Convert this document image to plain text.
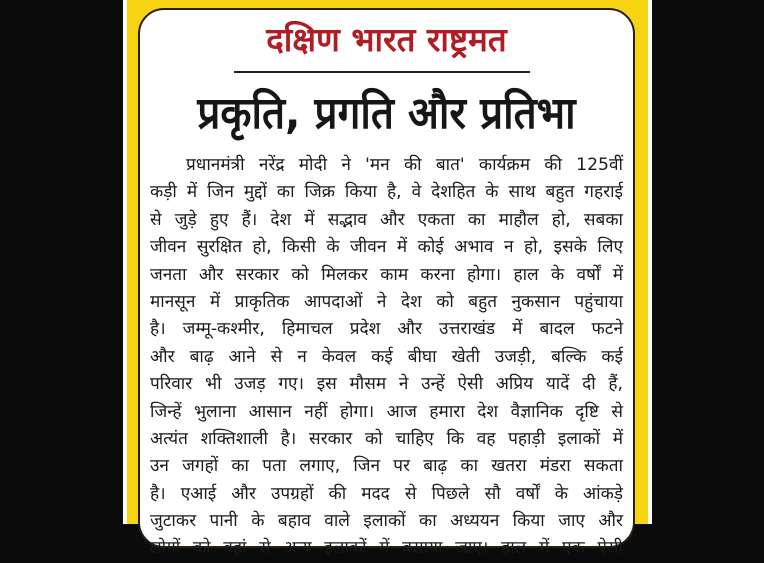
दक्षिण भारत राष्ट्रमत
प्रकृति, प्रगति और प्रतिभा
प्रधानमंत्री नरेंद्र मोदी ने 'मन की बात' कार्यक्रम की 125वीं
कड़ी में जिन मुद्दों का जिक्र किया है, वे देशहित के साथ बहुत गहराई
से जुड़े हुए हैं। देश में सद्भाव और एकता का माहौल हो, सबका
जीवन सुरक्षित हो, किसी के जीवन में कोई अभाव न हो, इसके लिए
जनता और सरकार को मिलकर काम करना होगा। हाल के वर्षों में
मानसून में प्राकृतिक आपदाओं ने देश को बहुत नुकसान पहुंचाया
है। जम्मू-कश्मीर, हिमाचल प्रदेश और उत्तराखंड में बादल फटने
और बाढ़ आने से न केवल कई बीघा खेती उजड़ी, बल्कि कई
परिवार भी उजड़ गए। इस मौसम ने उन्हें ऐसी अप्रिय यादें दी हैं,
जिन्हें भुलाना आसान नहीं होगा। आज हमारा देश वैज्ञानिक दृष्टि से
अत्यंत शक्तिशाली है। सरकार को चाहिए कि वह पहाड़ी इलाकों में
उन जगहों का पता लगाए, जिन पर बाढ़ का खतरा मंडरा सकता
है। एआई और उपग्रहों की मदद से पिछले सौ वर्षों के आंकड़े
जुटाकर पानी के बहाव वाले इलाकों का अध्ययन किया जाए और
लोगों को वहां से अन्य इलाकों में बसाया जाए। हाल में एक ऐसी
